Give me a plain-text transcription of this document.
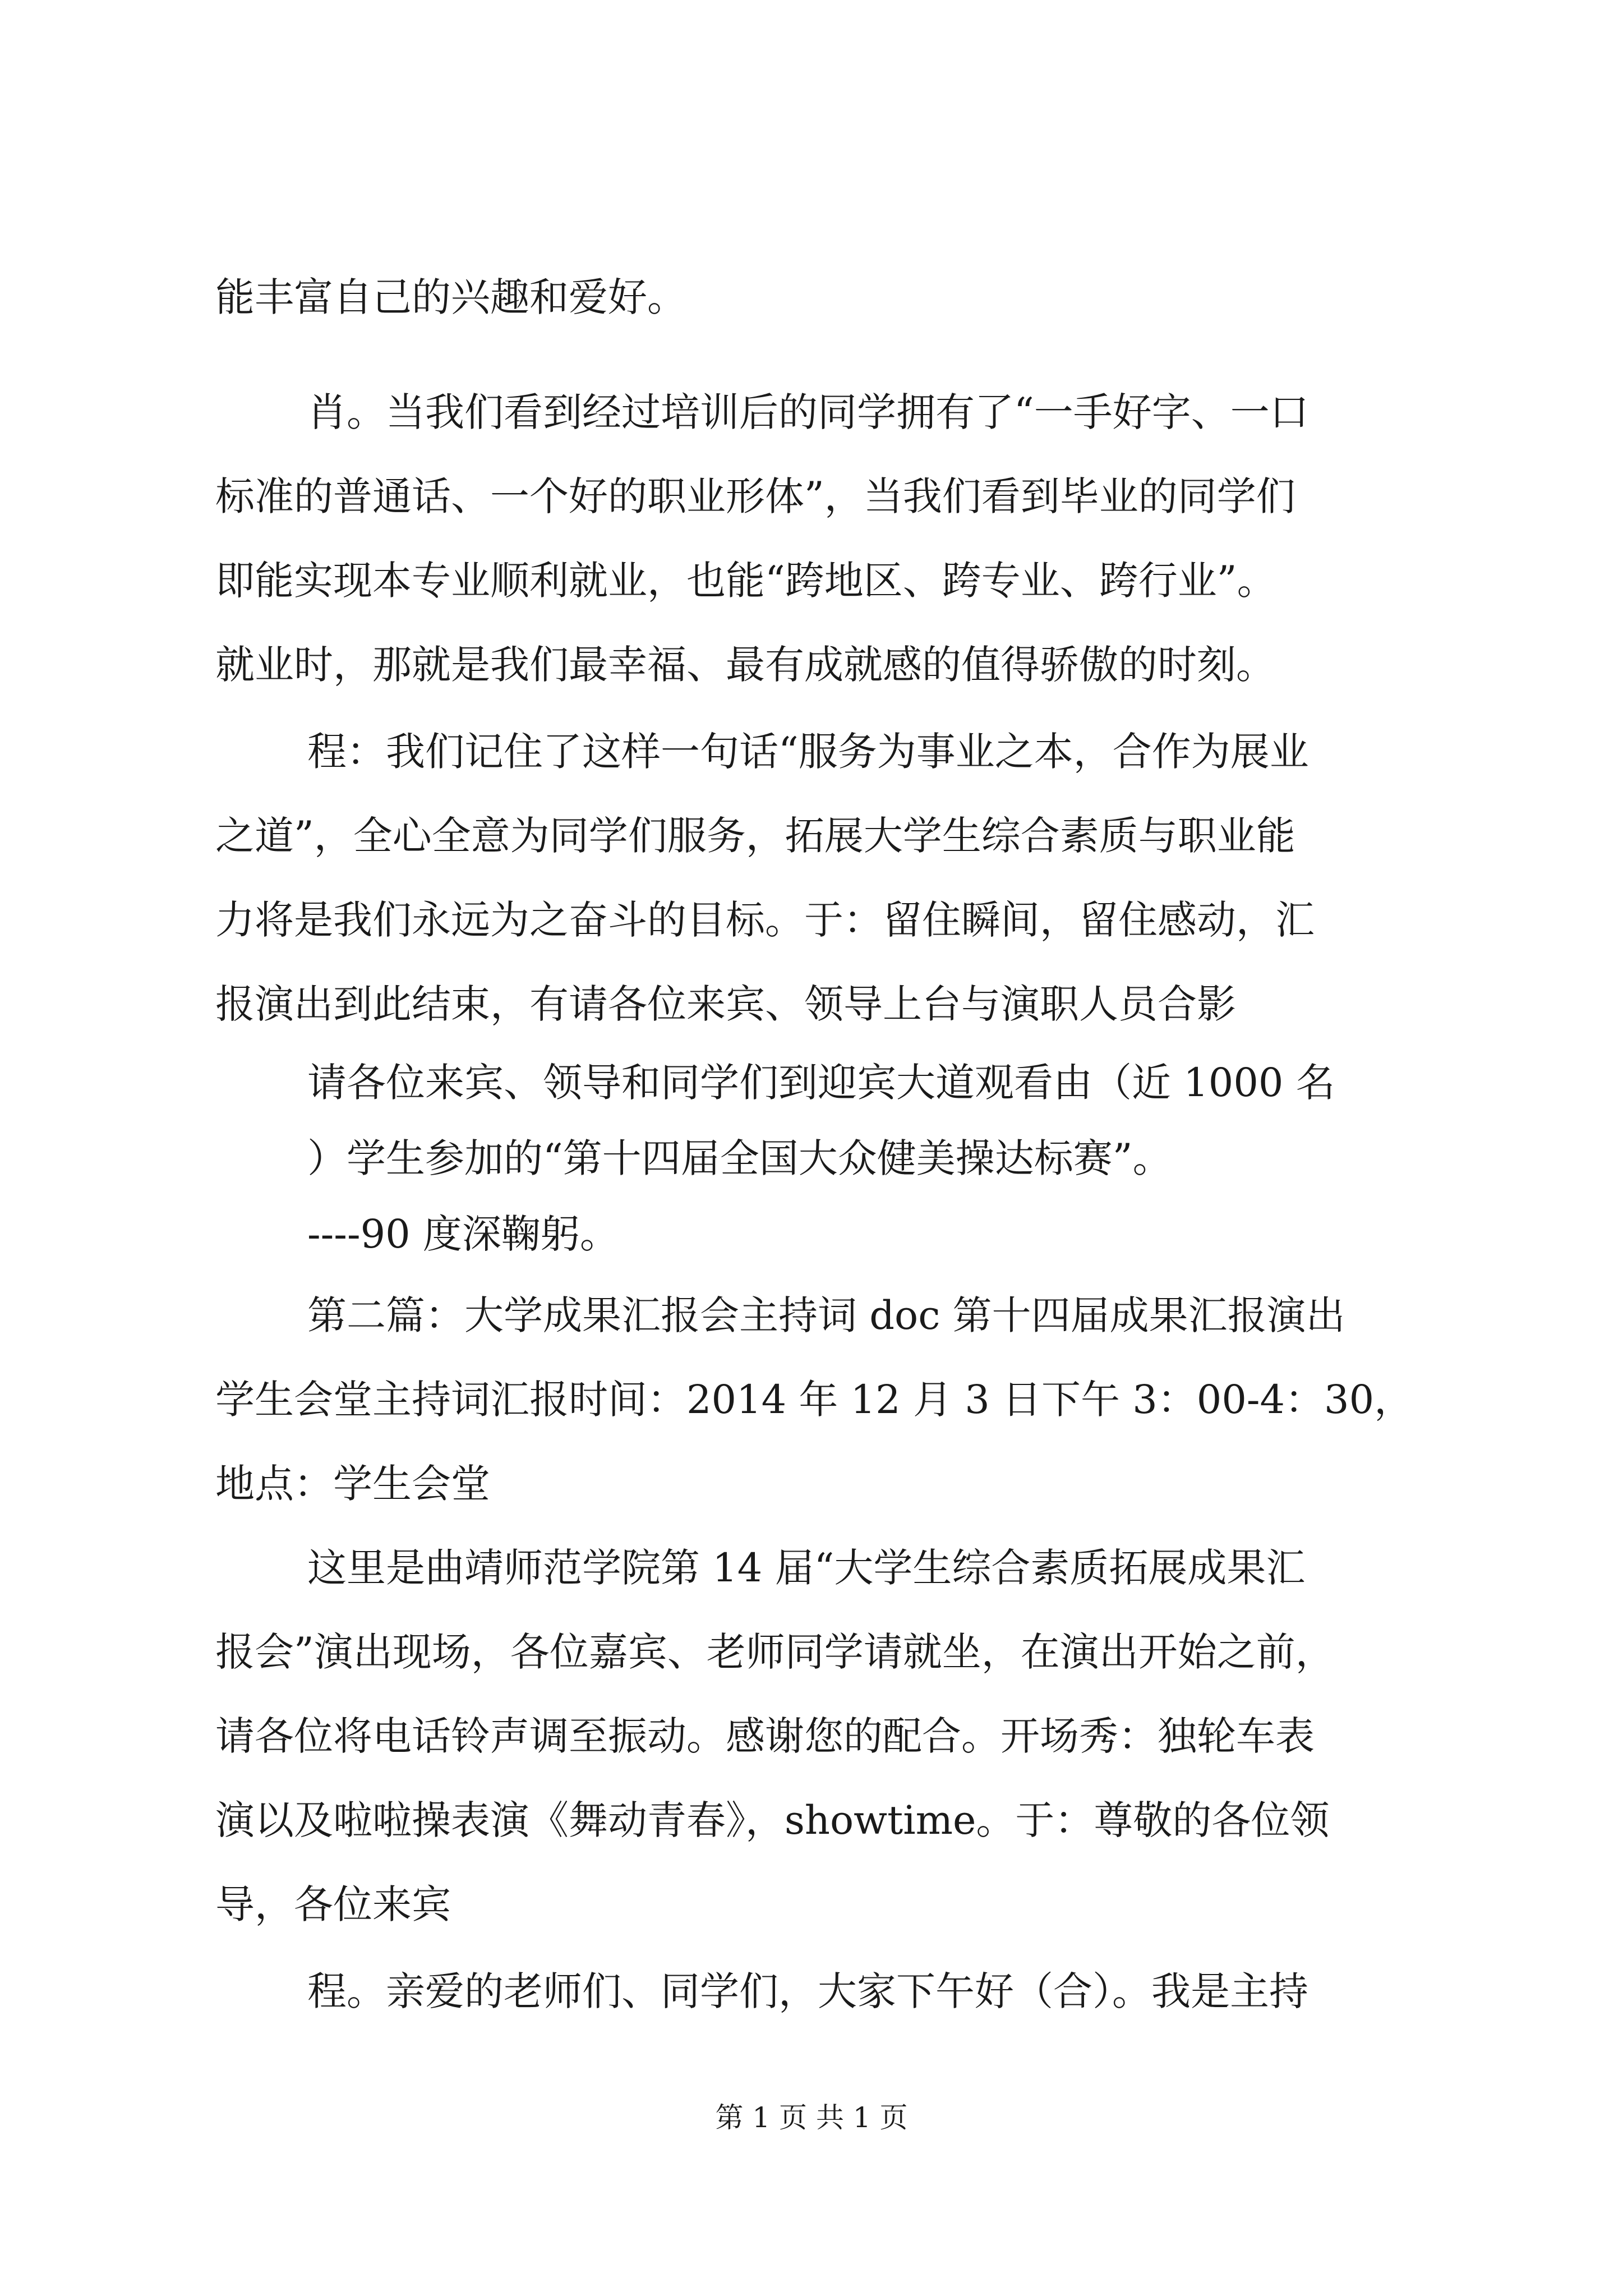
能丰富自己的兴趣和爱好。
肖。当我们看到经过培训后的同学拥有了“一手好字、一口
标准的普通话、一个好的职业形体”，当我们看到毕业的同学们
即能实现本专业顺利就业，也能“跨地区、跨专业、跨行业”。
就业时，那就是我们最幸福、最有成就感的值得骄傲的时刻。
程：我们记住了这样一句话“服务为事业之本，合作为展业
之道”，全心全意为同学们服务，拓展大学生综合素质与职业能
力将是我们永远为之奋斗的目标。于：留住瞬间，留住感动，汇
报演出到此结束，有请各位来宾、领导上台与演职人员合影
请各位来宾、领导和同学们到迎宾大道观看由（近 1000 名
）学生参加的“第十四届全国大众健美操达标赛”。
----90 度深鞠躬。
第二篇：大学成果汇报会主持词 doc 第十四届成果汇报演出
学生会堂主持词汇报时间：2014 年 12 月 3 日下午 3：00-4：30，
地点：学生会堂
这里是曲靖师范学院第 14 届“大学生综合素质拓展成果汇
报会”演出现场，各位嘉宾、老师同学请就坐，在演出开始之前，
请各位将电话铃声调至振动。感谢您的配合。开场秀：独轮车表
演以及啦啦操表演《舞动青春》，showtime。于：尊敬的各位领
导，各位来宾
程。亲爱的老师们、同学们，大家下午好（合）。我是主持
第 1 页 共 1 页
